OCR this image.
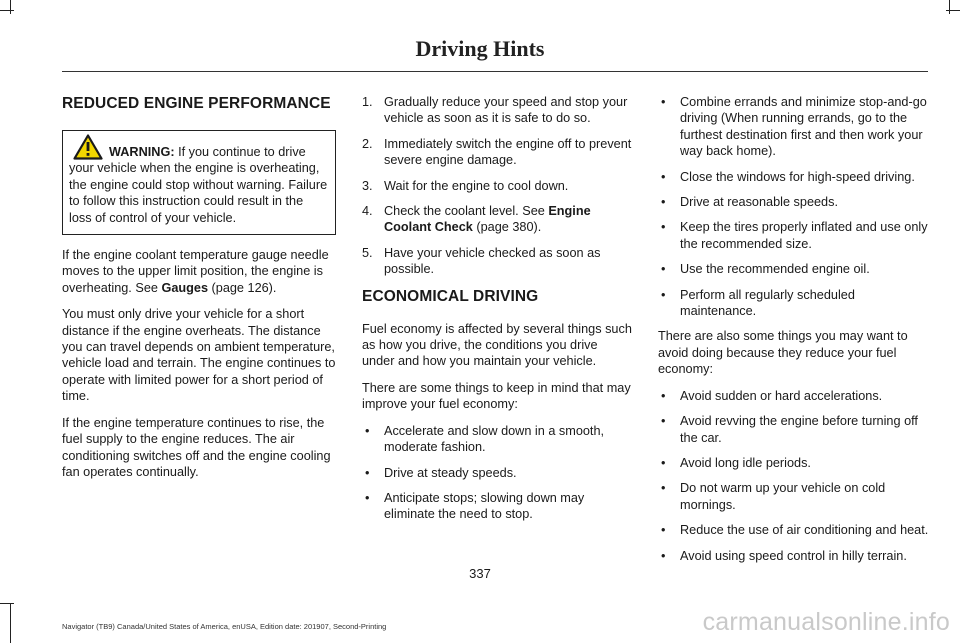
Driving Hints
REDUCED ENGINE PERFORMANCE
WARNING: If you continue to drive your vehicle when the engine is overheating, the engine could stop without warning. Failure to follow this instruction could result in the loss of control of your vehicle.

If the engine coolant temperature gauge needle moves to the upper limit position, the engine is overheating. See Gauges (page 126).

You must only drive your vehicle for a short distance if the engine overheats. The distance you can travel depends on ambient temperature, vehicle load and terrain. The engine continues to operate with limited power for a short period of time.

If the engine temperature continues to rise, the fuel supply to the engine reduces. The air conditioning switches off and the engine cooling fan operates continually.

1. Gradually reduce your speed and stop your vehicle as soon as it is safe to do so.
2. Immediately switch the engine off to prevent severe engine damage.
3. Wait for the engine to cool down.
4. Check the coolant level. See Engine Coolant Check (page 380).
5. Have your vehicle checked as soon as possible.
ECONOMICAL DRIVING

Fuel economy is affected by several things such as how you drive, the conditions you drive under and how you maintain your vehicle.

There are some things to keep in mind that may improve your fuel economy:

• Accelerate and slow down in a smooth, moderate fashion.
• Drive at steady speeds.
• Anticipate stops; slowing down may eliminate the need to stop.
• Combine errands and minimize stop-and-go driving (When running errands, go to the furthest destination first and then work your way back home).
• Close the windows for high-speed driving.
• Drive at reasonable speeds.
• Keep the tires properly inflated and use only the recommended size.
• Use the recommended engine oil.
• Perform all regularly scheduled maintenance.

There are also some things you may want to avoid doing because they reduce your fuel economy:

• Avoid sudden or hard accelerations.
• Avoid revving the engine before turning off the car.
• Avoid long idle periods.
• Do not warm up your vehicle on cold mornings.
• Reduce the use of air conditioning and heat.
• Avoid using speed control in hilly terrain.
337
Navigator (TB9) Canada/United States of America, enUSA, Edition date: 201907, Second-Printing	carmanualsonline.info
